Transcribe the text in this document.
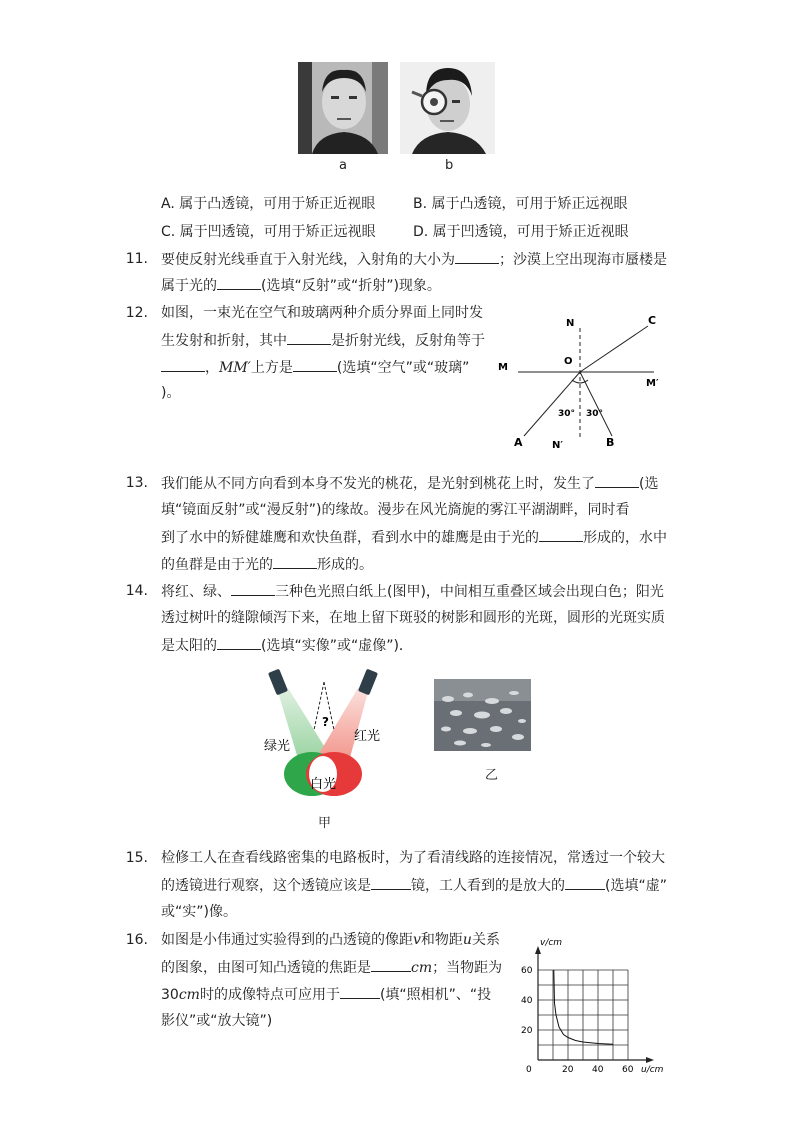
a	b
A. 属于凸透镜，可用于矫正近视眼	B. 属于凸透镜，可用于矫正远视眼
C. 属于凹透镜，可用于矫正远视眼	D. 属于凹透镜，可用于矫正近视眼
11. 要使反射光线垂直于入射光线，入射角的大小为	；沙漠上空出现海市蜃楼是
属于光的	(选填“反射”或“折射”)现象。
12. 如图，一束光在空气和玻璃两种介质分界面上同时发
生发射和折射，其中	是折射光线，反射角等于
，MM′上方是	(选填“空气”或“玻璃”
)。
N
O
C
M
M′
30° 30°
A	N′	B
13. 我们能从不同方向看到本身不发光的桃花，是光射到桃花上时，发生了	(选
填“镜面反射”或“漫反射”)的缘故。漫步在风光旖旎的雾江平湖湖畔，同时看
到了水中的矫健雄鹰和欢快鱼群，看到水中的雄鹰是由于光的	形成的，水中
的鱼群是由于光的	形成的。
14. 将红、绿、	三种色光照白纸上(图甲)，中间相互重叠区域会出现白色；阳光
透过树叶的缝隙倾泻下来，在地上留下斑驳的树影和圆形的光斑，圆形的光斑实质
是太阳的	(选填“实像”或“虚像”)．
?
绿光
红光
白光
甲
乙
15. 检修工人在查看线路密集的电路板时，为了看清线路的连接情况，常透过一个较大
的透镜进行观察，这个透镜应该是	镜，工人看到的是放大的	(选填“虚”
或“实”)像。
16. 如图是小伟通过实验得到的凸透镜的像距v和物距u关系
的图象，由图可知凸透镜的焦距是	cm；当物距为
30cm时的成像特点可应用于	(填“照相机”、“投
影仪”或“放大镜”)
0	20 40 60
20
40
60
v/cm
u/cm
